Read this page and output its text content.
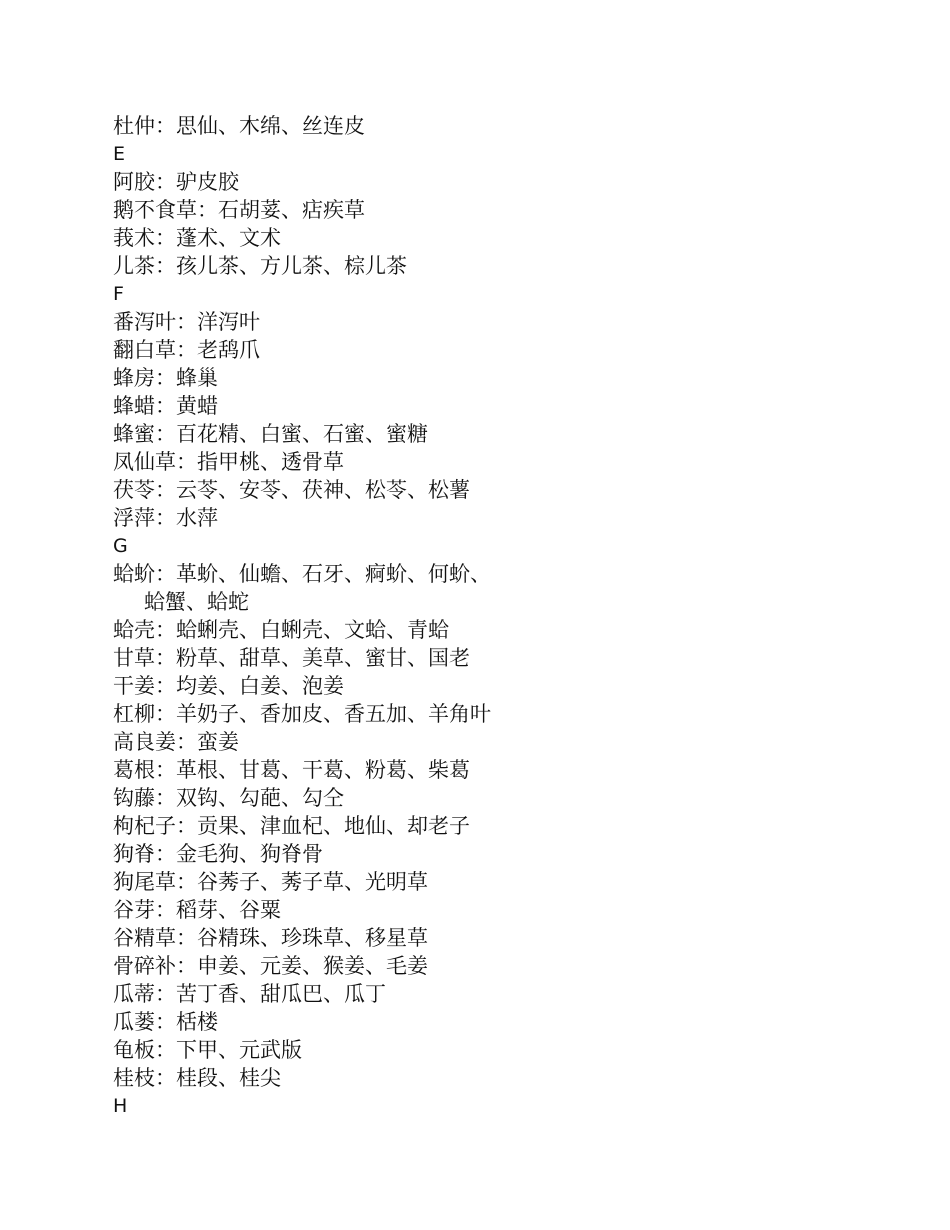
杜仲：思仙、木绵、丝连皮
E
阿胶：驴皮胶
鹅不食草：石胡荽、痁疾草
莪术：蓬术、文术
儿茶：孩儿茶、方儿茶、棕儿茶
F
番泻叶：洋泻叶
翻白草：老鸹爪
蜂房：蜂巢
蜂蜡：黄蜡
蜂蜜：百花精、白蜜、石蜜、蜜糖
凤仙草：指甲桃、透骨草
茯苓：云苓、安苓、茯神、松苓、松薯
浮萍：水萍
G
蛤蚧：革蚧、仙蟾、石牙、痾蚧、何蚧、
蛤蟹、蛤蛇
蛤壳：蛤蜊壳、白蜊壳、文蛤、青蛤
甘草：粉草、甜草、美草、蜜甘、国老
干姜：均姜、白姜、泡姜
杠柳：羊奶子、香加皮、香五加、羊角叶
高良姜：蛮姜
葛根：革根、甘葛、干葛、粉葛、柴葛
钩藤：双钩、勾葩、勾仝
枸杞子：贡果、津血杞、地仙、却老子
狗脊：金毛狗、狗脊骨
狗尾草：谷莠子、莠子草、光明草
谷芽：稻芽、谷粟
谷精草：谷精珠、珍珠草、移星草
骨碎补：申姜、元姜、猴姜、毛姜
瓜蒂：苦丁香、甜瓜巴、瓜丁
瓜蒌：栝楼
龟板：下甲、元武版
桂枝：桂段、桂尖
H
